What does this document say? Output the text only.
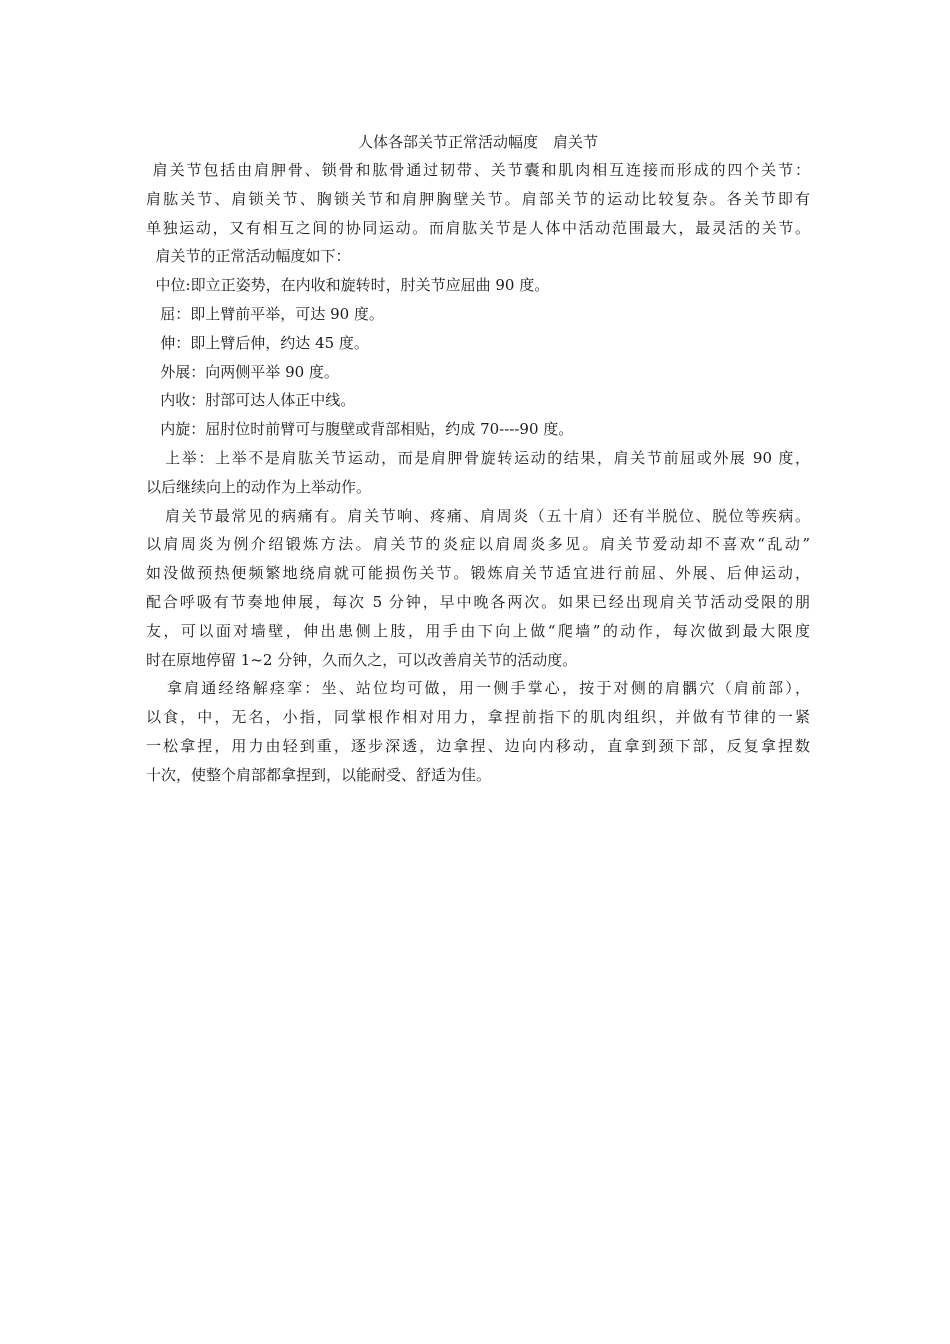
人体各部关节正常活动幅度　肩关节
肩关节包括由肩胛骨、锁骨和肱骨通过韧带、关节囊和肌肉相互连接而形成的四个关节：
肩肱关节、肩锁关节、胸锁关节和肩胛胸壁关节。肩部关节的运动比较复杂。各关节即有
单独运动，又有相互之间的协同运动。而肩肱关节是人体中活动范围最大，最灵活的关节。
肩关节的正常活动幅度如下：
中位:即立正姿势，在内收和旋转时，肘关节应屈曲 90 度。
屈：即上臂前平举，可达 90 度。
伸：即上臂后伸，约达 45 度。
外展：向两侧平举 90 度。
内收：肘部可达人体正中线。
内旋：屈肘位时前臂可与腹壁或背部相贴，约成 70----90 度。
上举：上举不是肩肱关节运动，而是肩胛骨旋转运动的结果，肩关节前屈或外展 90 度，
以后继续向上的动作为上举动作。
肩关节最常见的病痛有。肩关节响、疼痛、肩周炎（五十肩）还有半脱位、脱位等疾病。
以肩周炎为例介绍锻炼方法。肩关节的炎症以肩周炎多见。肩关节爱动却不喜欢“乱动”
如没做预热便频繁地绕肩就可能损伤关节。锻炼肩关节适宜进行前屈、外展、后伸运动，
配合呼吸有节奏地伸展，每次 5 分钟，早中晚各两次。如果已经出现肩关节活动受限的朋
友，可以面对墙壁，伸出患侧上肢，用手由下向上做“爬墙”的动作，每次做到最大限度
时在原地停留 1~2 分钟，久而久之，可以改善肩关节的活动度。
拿肩通经络解痉挛：坐、站位均可做，用一侧手掌心，按于对侧的肩髃穴（肩前部），
以食，中，无名，小指，同掌根作相对用力，拿捏前指下的肌肉组织，并做有节律的一紧
一松拿捏，用力由轻到重，逐步深透，边拿捏、边向内移动，直拿到颈下部，反复拿捏数
十次，使整个肩部都拿捏到，以能耐受、舒适为佳。
